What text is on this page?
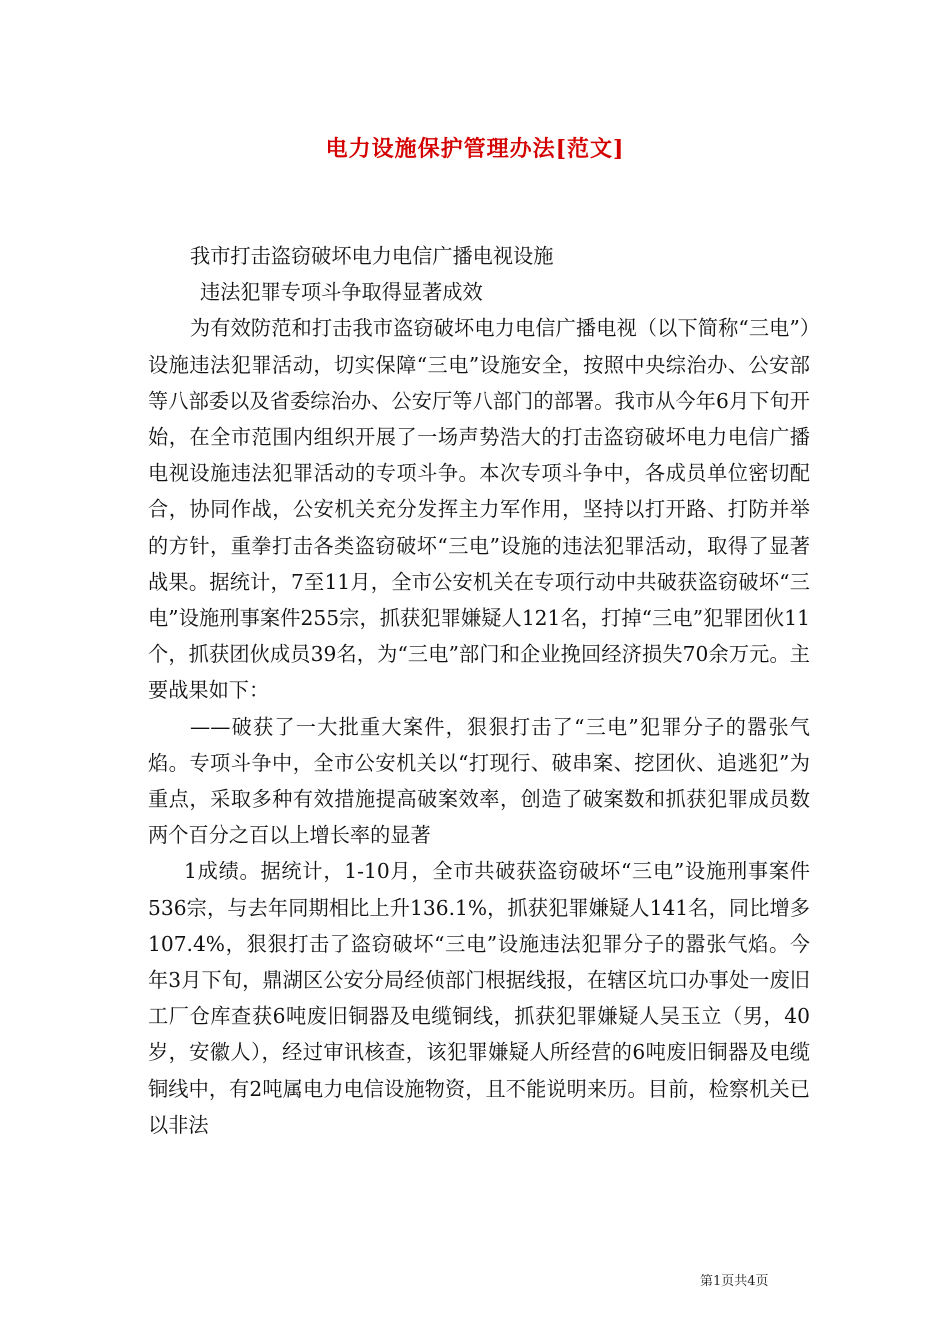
电力设施保护管理办法[范文]

我市打击盗窃破坏电力电信广播电视设施

违法犯罪专项斗争取得显著成效

为有效防范和打击我市盗窃破坏电力电信广播电视（以下简称“三电”）设施违法犯罪活动，切实保障“三电”设施安全，按照中央综治办、公安部等八部委以及省委综治办、公安厅等八部门的部署。我市从今年6月下旬开始，在全市范围内组织开展了一场声势浩大的打击盗窃破坏电力电信广播电视设施违法犯罪活动的专项斗争。本次专项斗争中，各成员单位密切配合，协同作战，公安机关充分发挥主力军作用，坚持以打开路、打防并举的方针，重拳打击各类盗窃破坏“三电”设施的违法犯罪活动，取得了显著战果。据统计，7至11月，全市公安机关在专项行动中共破获盗窃破坏“三电”设施刑事案件255宗，抓获犯罪嫌疑人121名，打掉“三电”犯罪团伙11个，抓获团伙成员39名，为“三电”部门和企业挽回经济损失70余万元。主要战果如下：

——破获了一大批重大案件，狠狠打击了“三电”犯罪分子的嚣张气焰。专项斗争中，全市公安机关以“打现行、破串案、挖团伙、追逃犯”为重点，采取多种有效措施提高破案效率，创造了破案数和抓获犯罪成员数两个百分之百以上增长率的显著

1成绩。据统计，1-10月，全市共破获盗窃破坏“三电”设施刑事案件536宗，与去年同期相比上升136.1%，抓获犯罪嫌疑人141名，同比增多107.4%，狠狠打击了盗窃破坏“三电”设施违法犯罪分子的嚣张气焰。今年3月下旬，鼎湖区公安分局经侦部门根据线报，在辖区坑口办事处一废旧工厂仓库查获6吨废旧铜器及电缆铜线，抓获犯罪嫌疑人吴玉立（男，40岁，安徽人），经过审讯核查，该犯罪嫌疑人所经营的6吨废旧铜器及电缆铜线中，有2吨属电力电信设施物资，且不能说明来历。目前，检察机关已以非法

第1页共4页
